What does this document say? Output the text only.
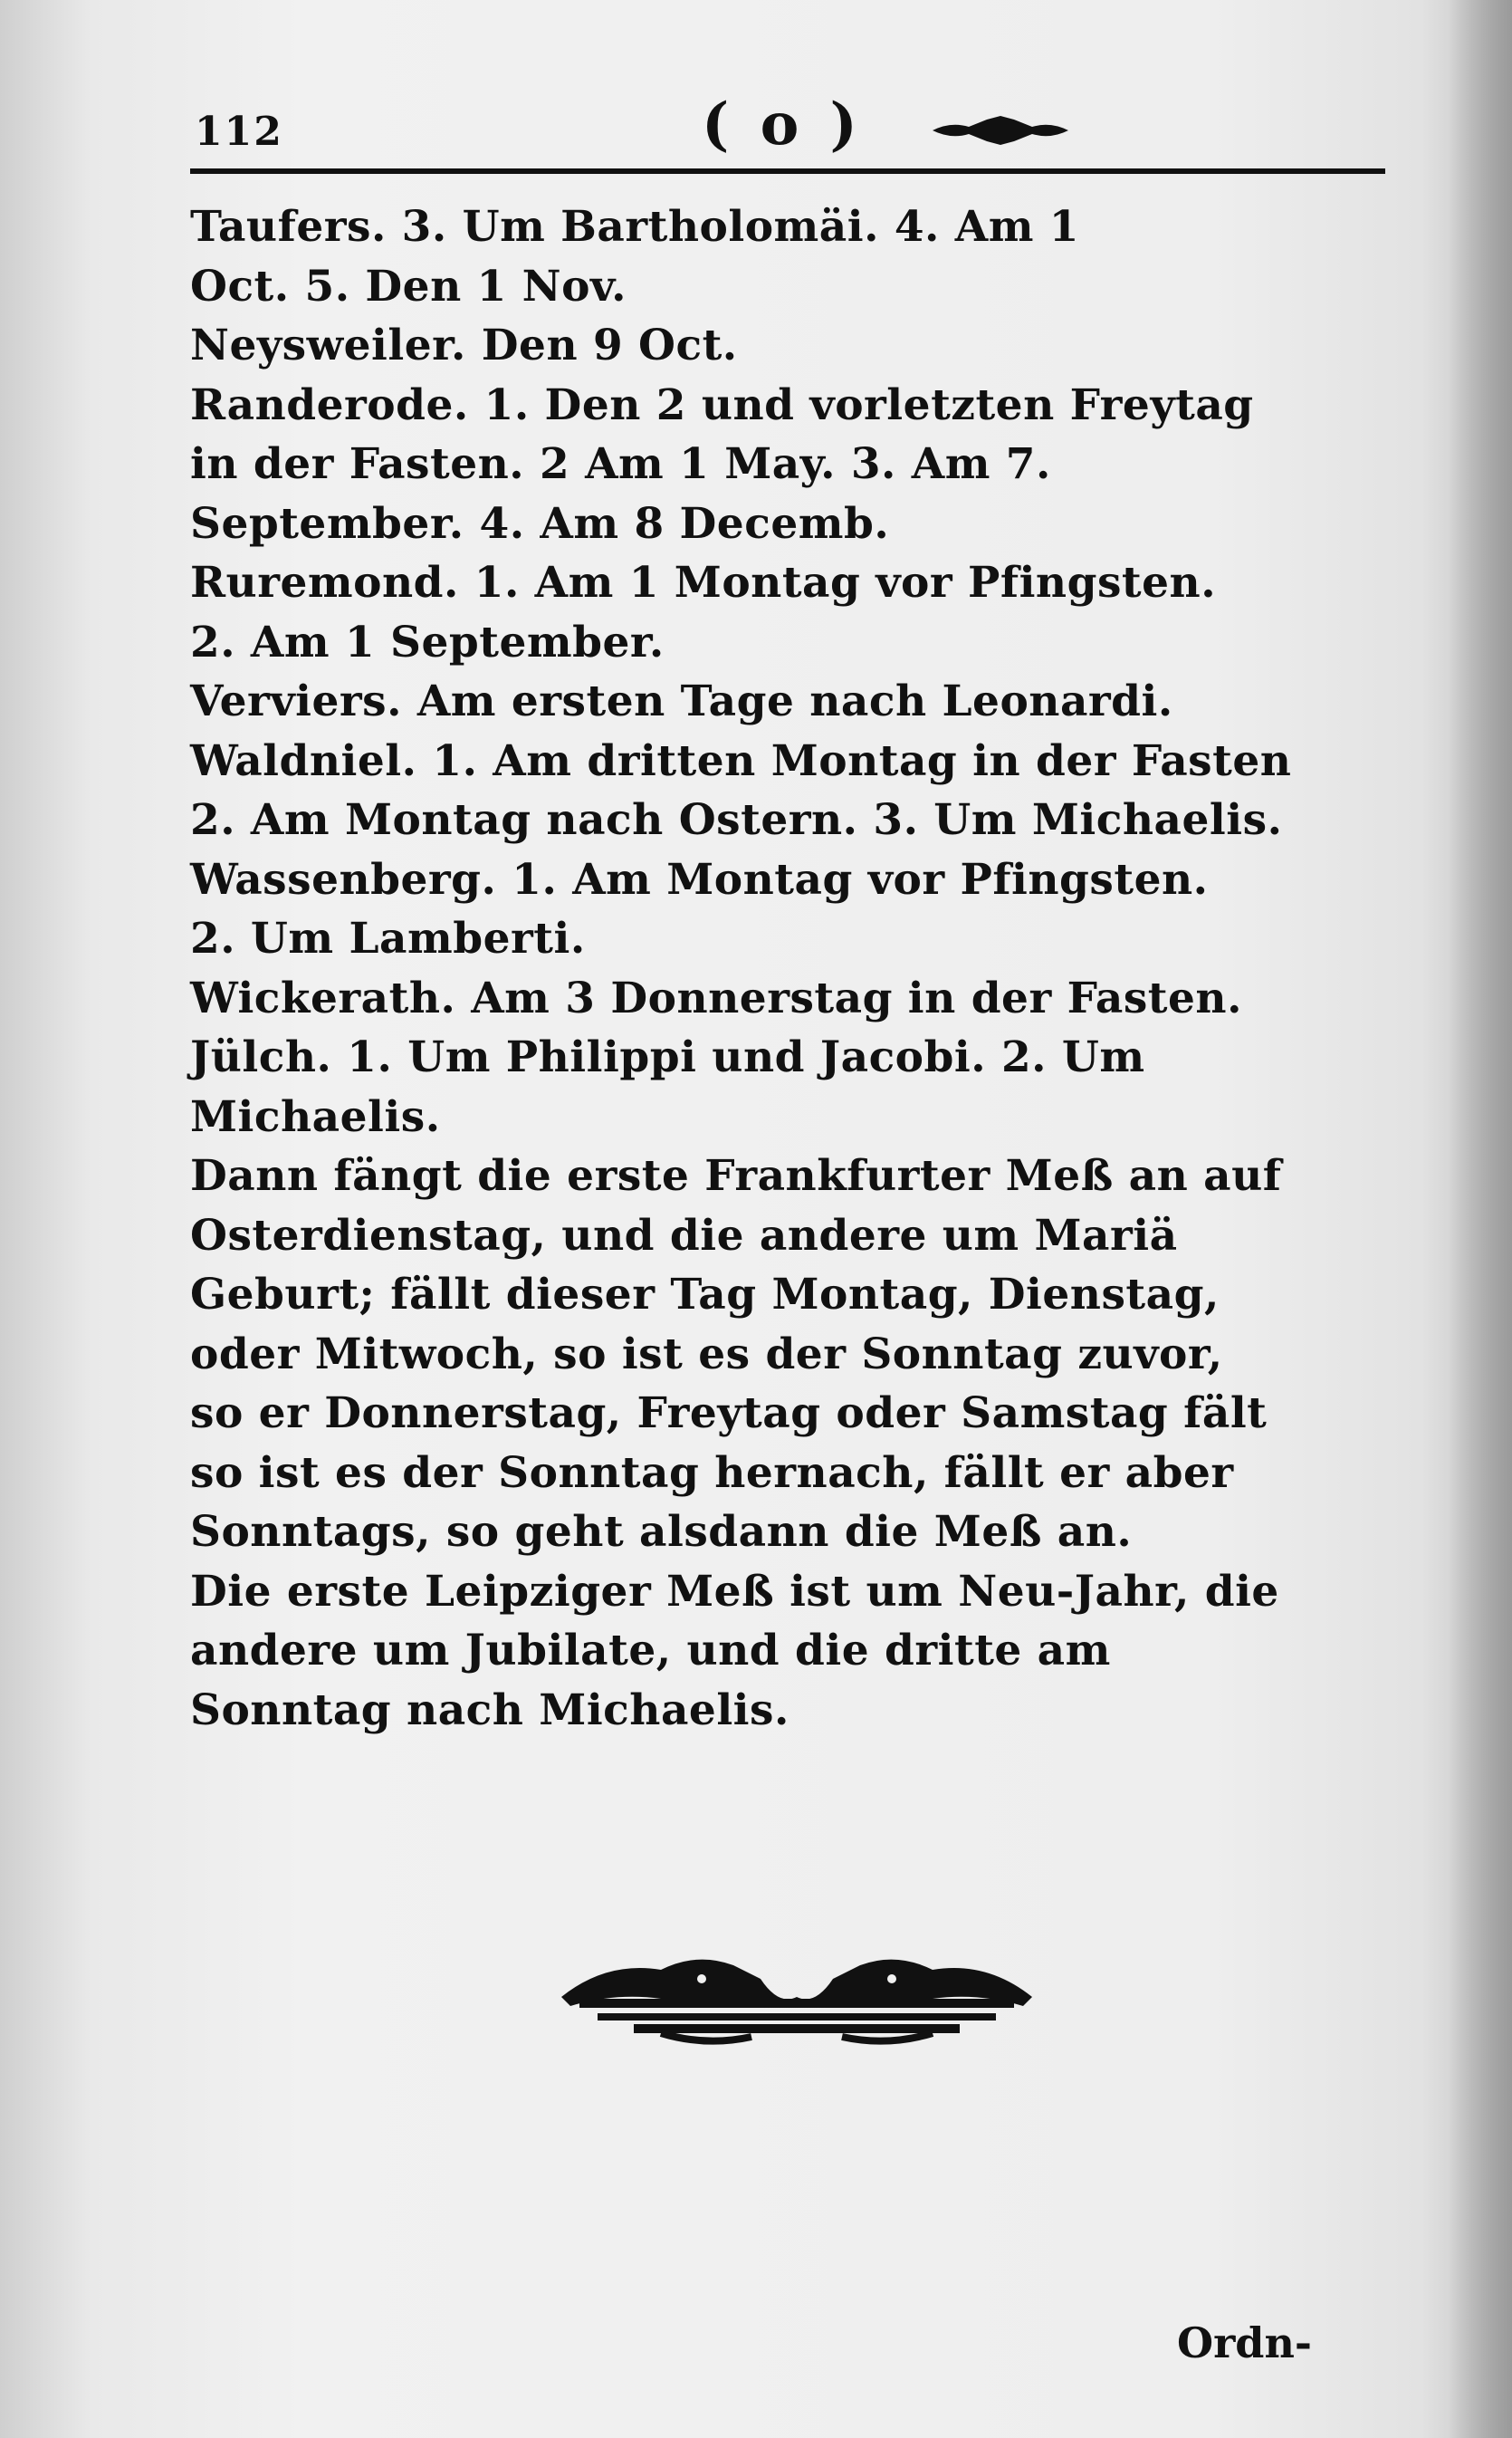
112	( o )

Taufers. 3. Um Bartholomäi. 4. Am 1

Oct. 5. Den 1 Nov.

Neysweiler. Den 9 Oct.

Randerode. 1. Den 2 und vorletzten Freytag

in der Fasten. 2 Am 1 May. 3. Am 7.

September. 4. Am 8 Decemb.

Ruremond. 1. Am 1 Montag vor Pfingsten.

2. Am 1 September.

Verviers. Am ersten Tage nach Leonardi.

Waldniel. 1. Am dritten Montag in der Fasten

2. Am Montag nach Ostern. 3. Um Michaelis.

Wassenberg. 1. Am Montag vor Pfingsten.

2. Um Lamberti.

Wickerath. Am 3 Donnerstag in der Fasten.

Jülch. 1. Um Philippi und Jacobi. 2. Um

Michaelis.

Dann fängt die erste Frankfurter Meß an auf

Osterdienstag, und die andere um Mariä

Geburt; fällt dieser Tag Montag, Dienstag,

oder Mitwoch, so ist es der Sonntag zuvor,

so er Donnerstag, Freytag oder Samstag fält

so ist es der Sonntag hernach, fällt er aber

Sonntags, so geht alsdann die Meß an.

Die erste Leipziger Meß ist um Neu-Jahr, die

andere um Jubilate, und die dritte am

Sonntag nach Michaelis.

Ordn-
